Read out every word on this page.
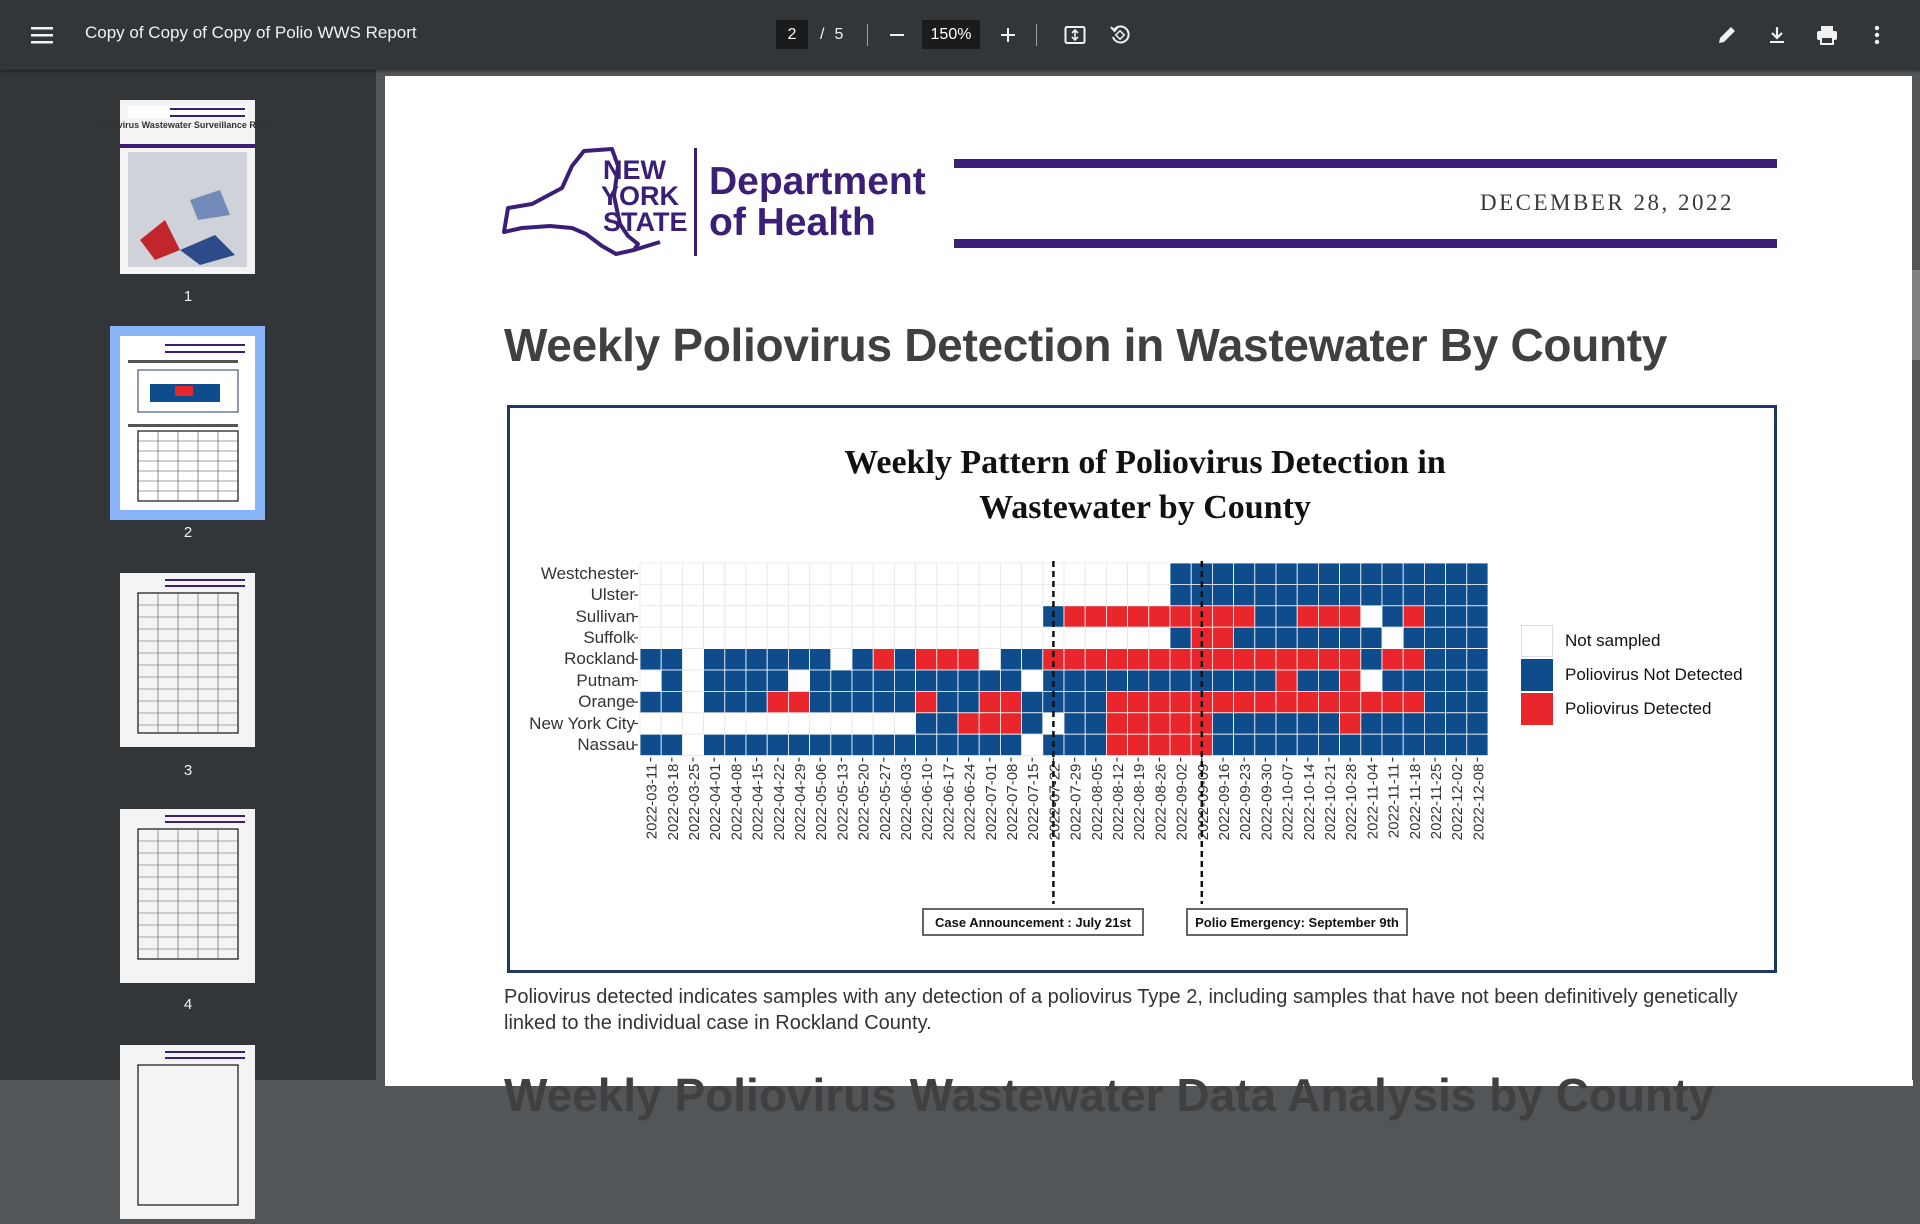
Copy of Copy of Copy of Polio WWS Report
2	/ 5
150%
Poliovirus Wastewater Surveillance Report
1
2
3
4
NEW
YORK
STATE
Department
of Health	DECEMBER 28, 2022
Weekly Poliovirus Detection in Wastewater By County
Weekly Pattern of Poliovirus Detection in
Wastewater by County
Westchester
Ulster
Sullivan
Suffolk
Rockland
Putnam
Orange
New York City
Nassau
2022-03-11 2022-03-18 2022-03-25 2022-04-01 2022-04-08 2022-04-15 2022-04-22 2022-04-29 2022-05-06 2022-05-13 2022-05-20 2022-05-27 2022-06-03 2022-06-10 2022-06-17 2022-06-24 2022-07-01 2022-07-08 2022-07-15 2022-07-22 2022-07-29 2022-08-05 2022-08-12 2022-08-19 2022-08-26 2022-09-02 2022-09-09 2022-09-16 2022-09-23 2022-09-30 2022-10-07 2022-10-14 2022-10-21 2022-10-28 2022-11-04 2022-11-11 2022-11-18 2022-11-25 2022-12-02 2022-12-08
Not sampled
Poliovirus Not Detected
Poliovirus Detected
Case Announcement : July 21st	Polio Emergency: September 9th
Poliovirus detected indicates samples with any detection of a poliovirus Type 2, including samples that have not been definitively genetically linked to the individual case in Rockland County.
Weekly Poliovirus Wastewater Data Analysis by County
